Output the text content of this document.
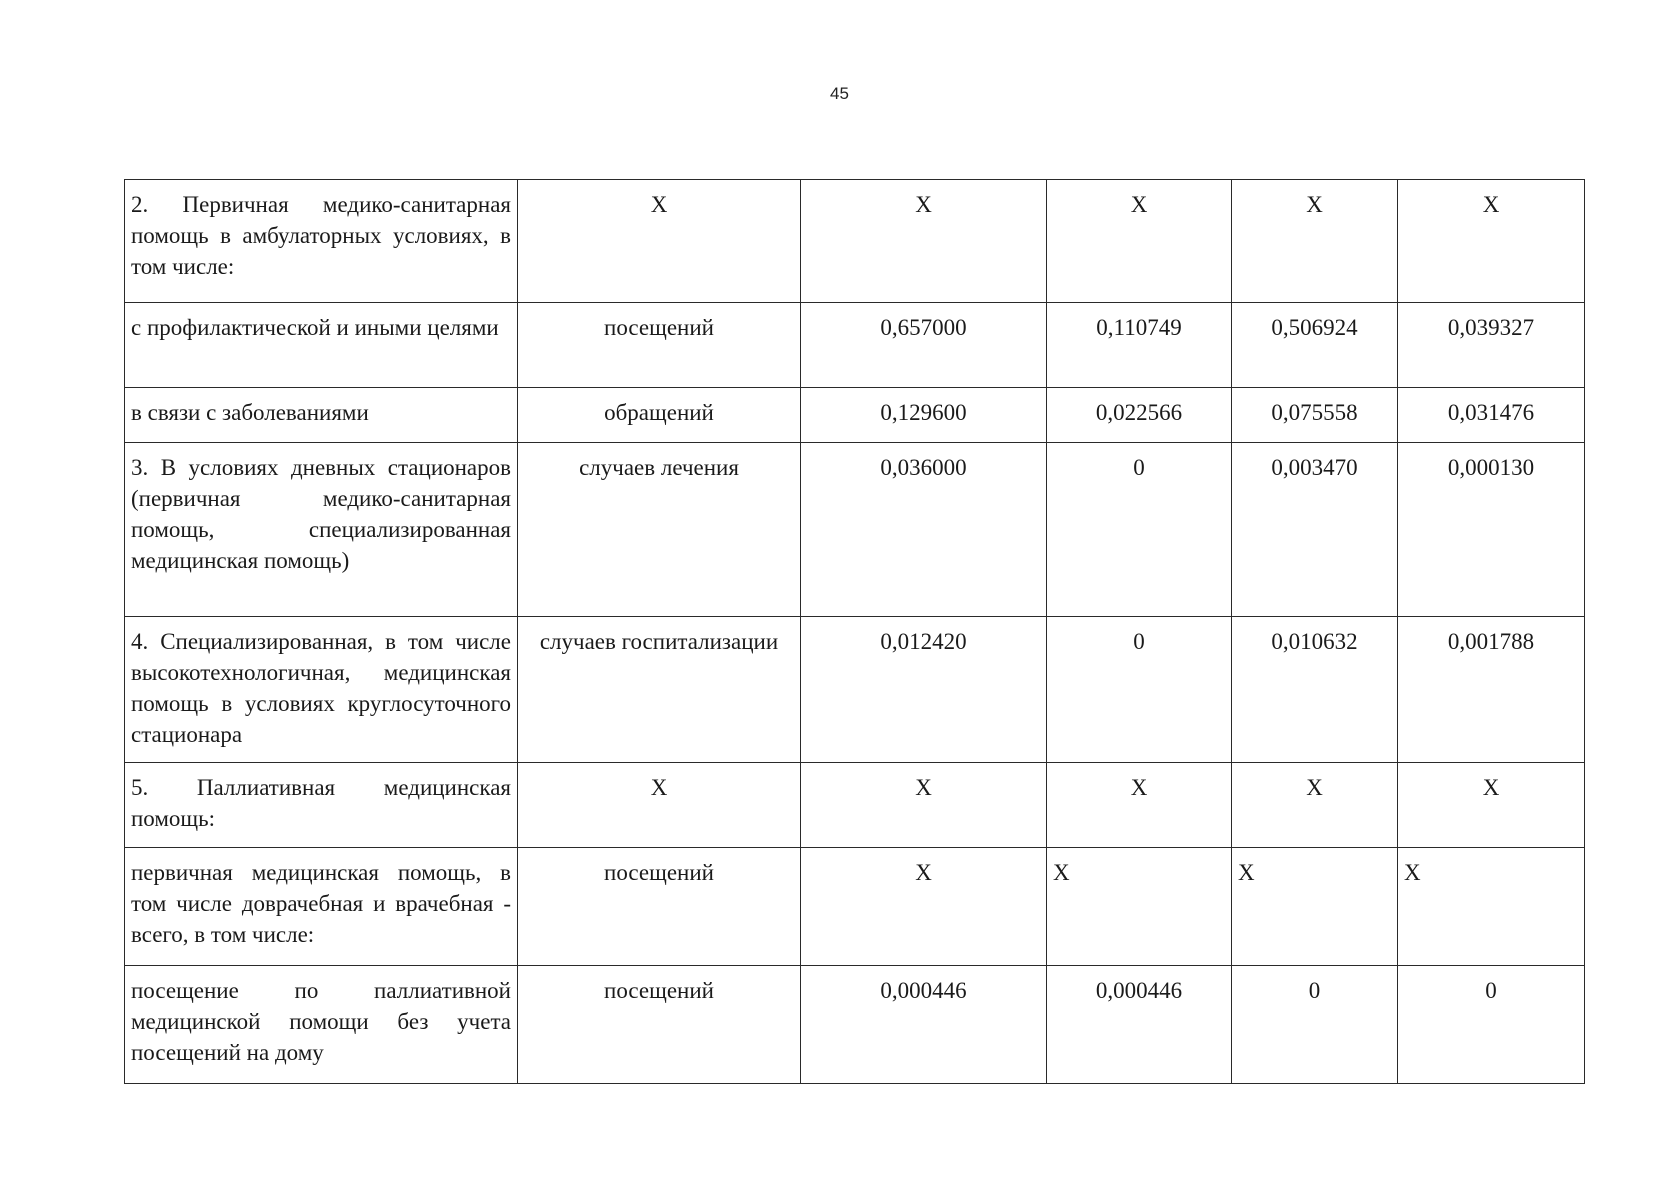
45
2. Первичная медико-санитарная помощь в амбулаторных условиях, в том числе:	X	X	X	X	X
с профилактической и иными целями	посещений	0,657000	0,110749	0,506924	0,039327
в связи с заболеваниями	обращений	0,129600	0,022566	0,075558	0,031476
3. В условиях дневных стационаров (первичная медико-санитарная помощь, специализированная медицинская помощь)	случаев лечения	0,036000	0	0,003470	0,000130
4. Специализированная, в том числе высокотехнологичная, медицинская помощь в условиях круглосуточного стационара	случаев госпитализации	0,012420	0	0,010632	0,001788
5. Паллиативная медицинская помощь:	X	X	X	X	X
первичная медицинская помощь, в том числе доврачебная и врачебная - всего, в том числе:	посещений	X	X	X	X
посещение по паллиативной медицинской помощи без учета посещений на дому	посещений	0,000446	0,000446	0	0
